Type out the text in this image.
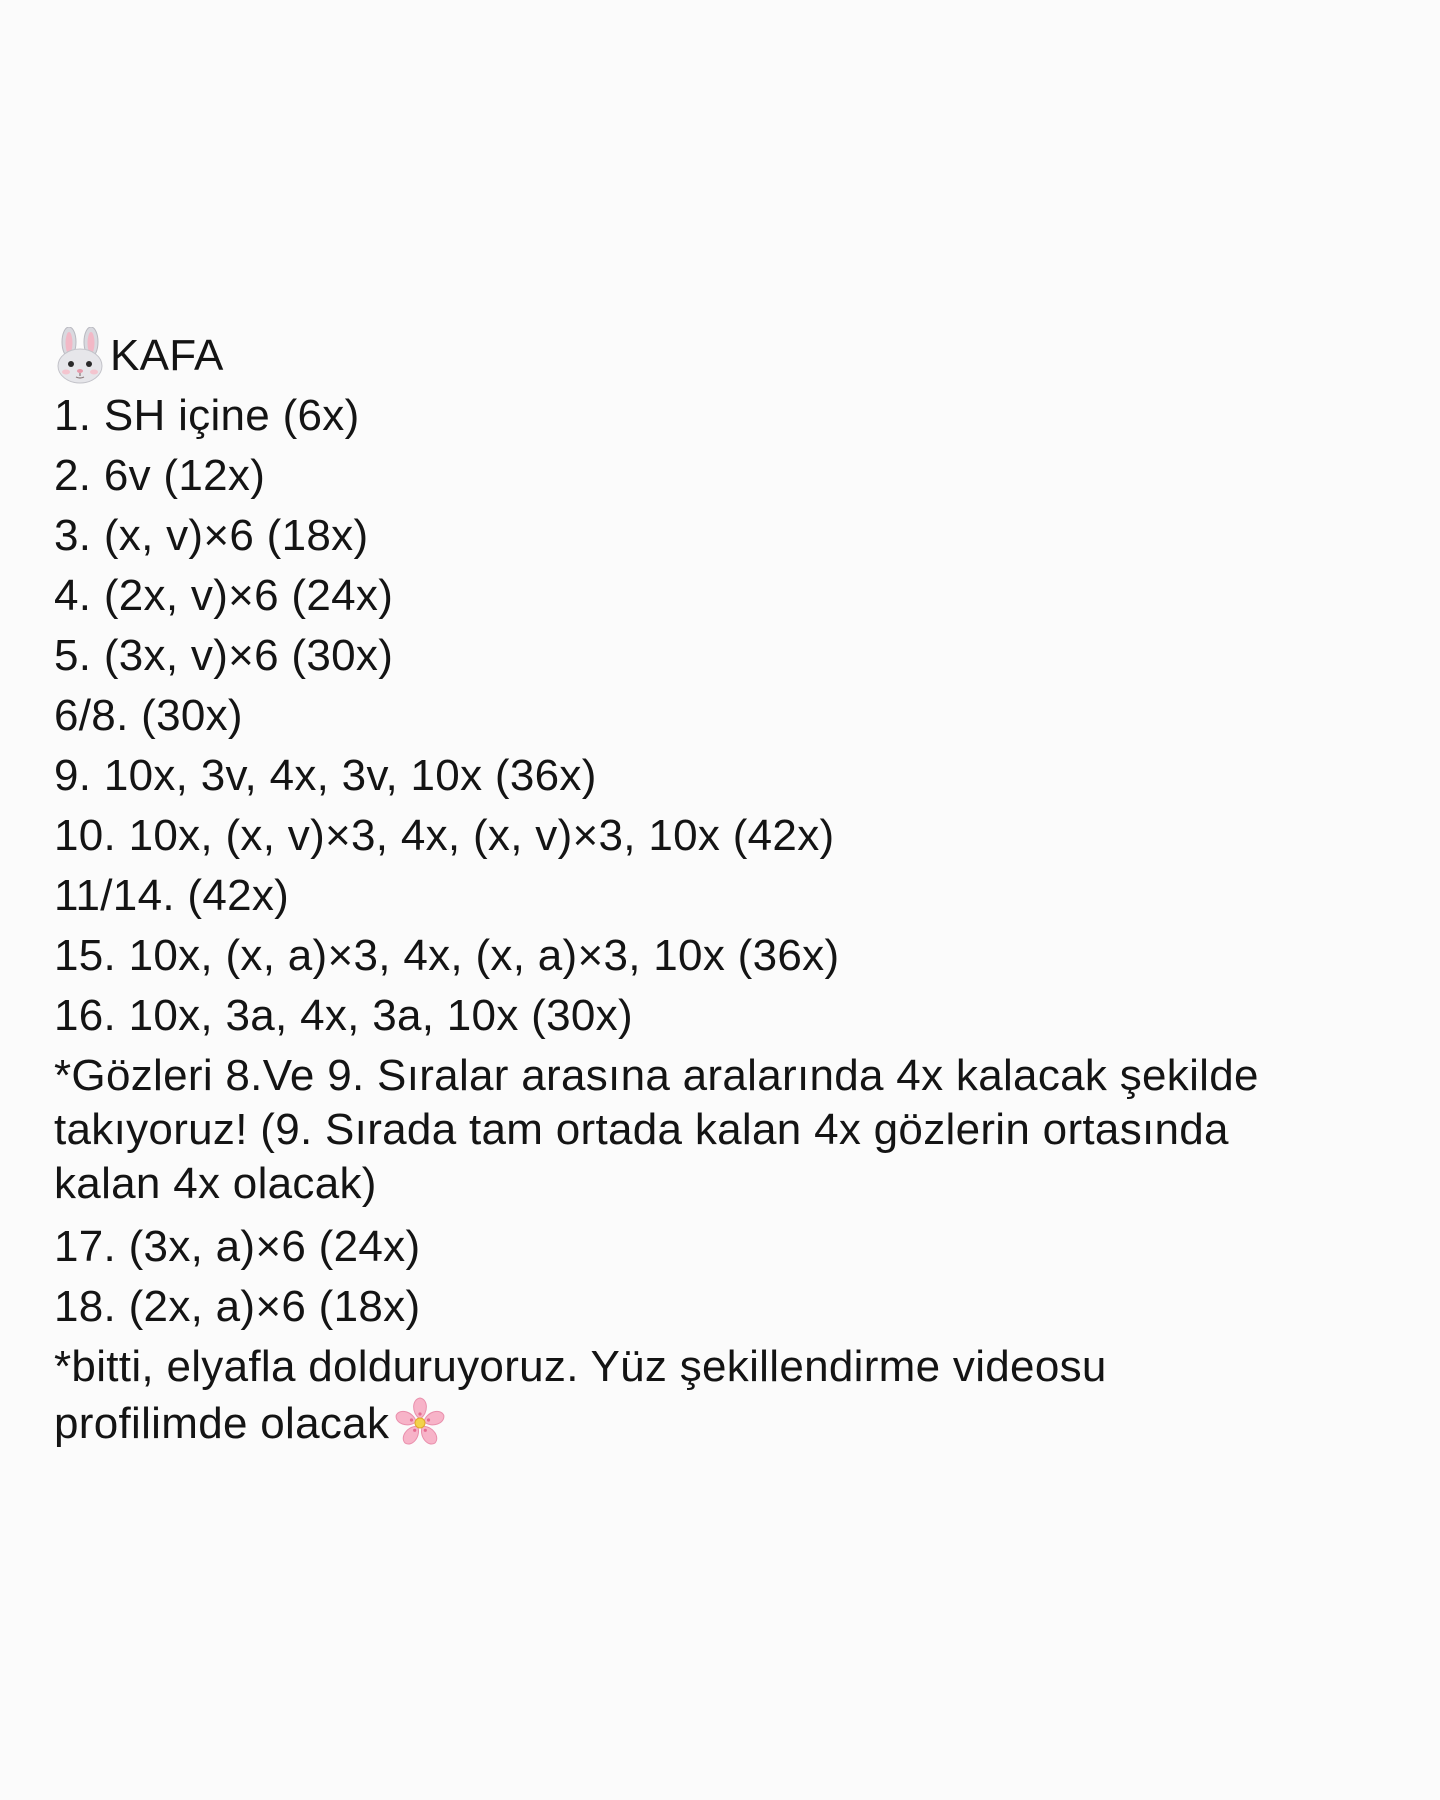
KAFA
1. SH içine (6x)
2. 6v (12x)
3. (x, v)×6 (18x)
4. (2x, v)×6 (24x)
5. (3x, v)×6 (30x)
6/8. (30x)
9. 10x, 3v, 4x, 3v, 10x (36x)
10. 10x, (x, v)×3, 4x, (x, v)×3, 10x (42x)
11/14. (42x)
15. 10x, (x, a)×3, 4x, (x, a)×3, 10x (36x)
16. 10x, 3a, 4x, 3a, 10x (30x)
*Gözleri 8.Ve 9. Sıralar arasına aralarında 4x kalacak şekilde
takıyoruz! (9. Sırada tam ortada kalan 4x gözlerin ortasında
kalan 4x olacak)
17. (3x, a)×6 (24x)
18. (2x, a)×6 (18x)
*bitti, elyafla dolduruyoruz. Yüz şekillendirme videosu
profilimde olacak
